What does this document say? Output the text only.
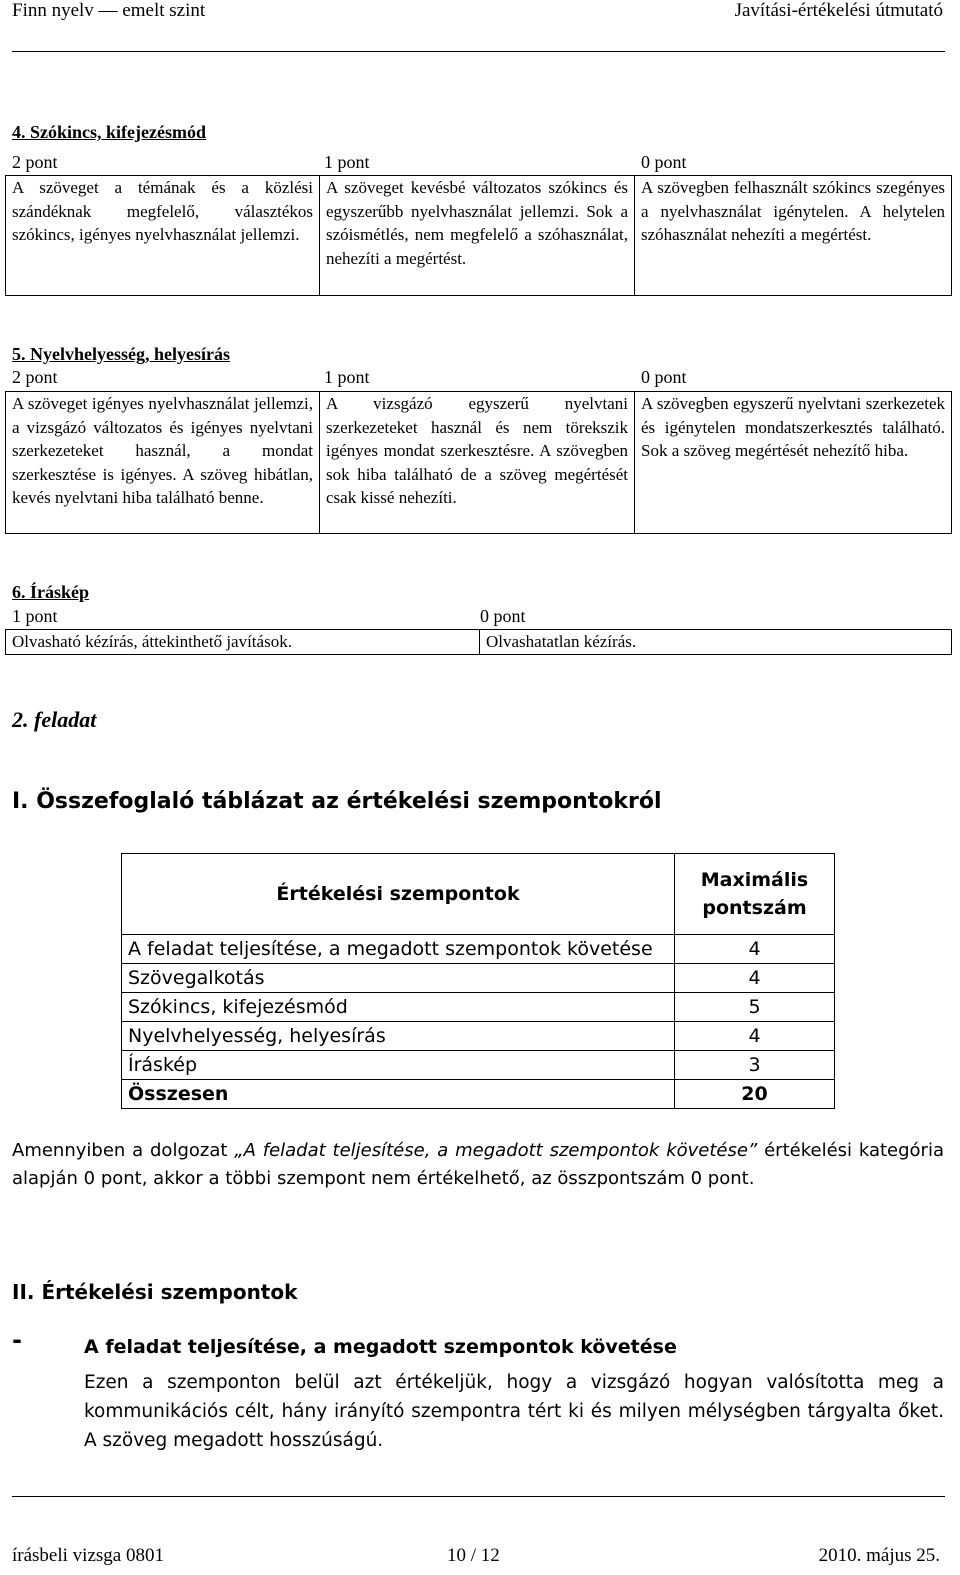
Finn nyelv — emelt szint	Javítási-értékelési útmutató
4. Szókincs, kifejezésmód
2 pont	1 pont	0 pont
A szöveget a témának és a közlési szándéknak megfelelő, választékos szókincs, igényes nyelvhasználat jellemzi.	A szöveget kevésbé változatos szókincs és egyszerűbb nyelvhasználat jellemzi. Sok a szóismétlés, nem megfelelő a szóhasználat, nehezíti a megértést.	A szövegben felhasznált szókincs szegényes a nyelvhasználat igénytelen. A helytelen szóhasználat nehezíti a megértést.
5. Nyelvhelyesség, helyesírás
2 pont	1 pont	0 pont
A szöveget igényes nyelvhasználat jellemzi, a vizsgázó változatos és igényes nyelvtani szerkezeteket használ, a mondat szerkesztése is igényes. A szöveg hibátlan, kevés nyelvtani hiba található benne.	A vizsgázó egyszerű nyelvtani szerkezeteket használ és nem törekszik igényes mondat szerkesztésre. A szövegben sok hiba található de a szöveg megértését csak kissé nehezíti.	A szövegben egyszerű nyelvtani szerkezetek és igénytelen mondatszerkesztés található. Sok a szöveg megértését nehezítő hiba.
6. Íráskép
1 pont	0 pont
Olvasható kézírás, áttekinthető javítások.	Olvashatatlan kézírás.
2. feladat
I. Összefoglaló táblázat az értékelési szempontokról
Értékelési szempontok	Maximális pontszám
A feladat teljesítése, a megadott szempontok követése	4
Szövegalkotás	4
Szókincs, kifejezésmód	5
Nyelvhelyesség, helyesírás	4
Íráskép	3
Összesen	20
Amennyiben a dolgozat „A feladat teljesítése, a megadott szempontok követése” értékelési kategória alapján 0 pont, akkor a többi szempont nem értékelhető, az összpontszám 0 pont.
II. Értékelési szempontok
-	A feladat teljesítése, a megadott szempontok követése
Ezen a szemponton belül azt értékeljük, hogy a vizsgázó hogyan valósította meg a kommunikációs célt, hány irányító szempontra tért ki és milyen mélységben tárgyalta őket. A szöveg megadott hosszúságú.
írásbeli vizsga 0801	10 / 12	2010. május 25.
